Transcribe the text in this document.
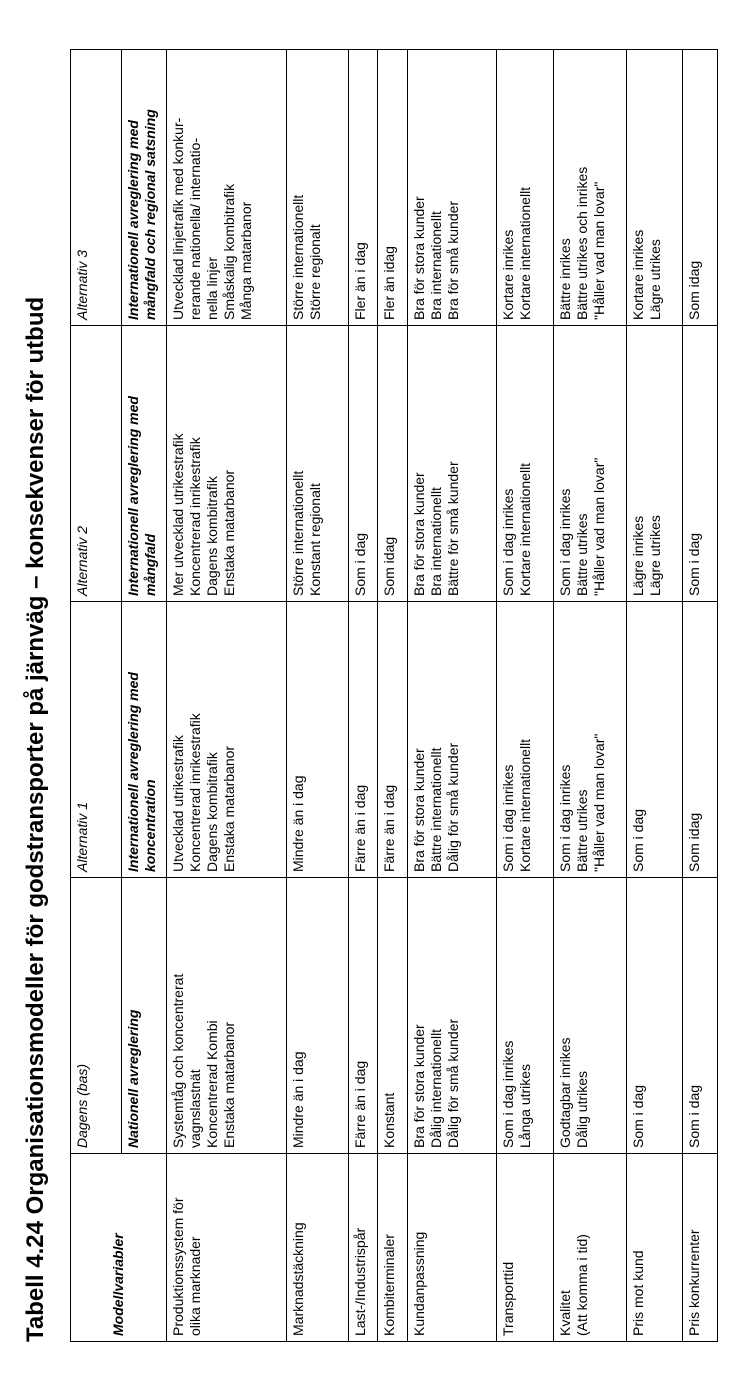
Tabell 4.24 Organisationsmodeller för godstransporter på järnväg – konsekvenser för utbud	Modellvariabler	Dagens (bas)	Alternativ 1	Alternativ 2	Alternativ 3

	Nationell avreglering	Internationell avreglering med koncentration	Internationell avreglering med mångfald	Internationell avreglering med mångfald och regional satsning

Produktionssystem för
olika marknader	Systemtåg och koncentrerat
vagnslastnät
Koncentrerad Kombi
Enstaka matarbanor	Utvecklad utrikestrafik
Koncentrerad inrikestrafik
Dagens kombitrafik
Enstaka matarbanor	Mer utvecklad utrikestrafik
Koncentrerad inrikestrafik
Dagens kombitrafik
Enstaka matarbanor	Utvecklad linjetrafik med konkur-
rerande nationella/ internatio-
nella linjer
Småskalig kombitrafik
Många matarbanor

Marknadstäckning	Mindre än i dag	Mindre än i dag	Större internationellt
Konstant regionalt	Större internationellt
Större regionalt

Last-/Industrispår	Färre än i dag	Färre än i dag	Som i dag	Fler än i dag

Kombiterminaler	Konstant	Färre än i dag	Som idag	Fler än idag

Kundanpassning	Bra för stora kunder
Dålig internationellt
Dålig för små kunder	Bra för stora kunder
Bättre internationellt
Dålig för små kunder	Bra för stora kunder
Bra internationellt
Bättre för små kunder	Bra för stora kunder
Bra internationellt
Bra för små kunder

Transporttid	Som i dag inrikes
Långa utrikes	Som i dag inrikes
Kortare internationellt	Som i dag inrikes
Kortare internationellt	Kortare inrikes
Kortare internationellt

Kvalitet
(Att komma i tid)	Godtagbar inrikes
Dålig utrikes	Som i dag inrikes
Bättre utrikes
"Håller vad man lovar"	Som i dag inrikes
Bättre utrikes
"Håller vad man lovar"	Bättre inrikes
Bättre utrikes och inrikes
"Håller vad man lovar"

Pris mot kund	Som i dag	Som i dag	Lägre inrikes
Lägre utrikes	Kortare inrikes
Lägre utrikes

Pris konkurrenter	Som i dag	Som idag	Som i dag	Som idag
